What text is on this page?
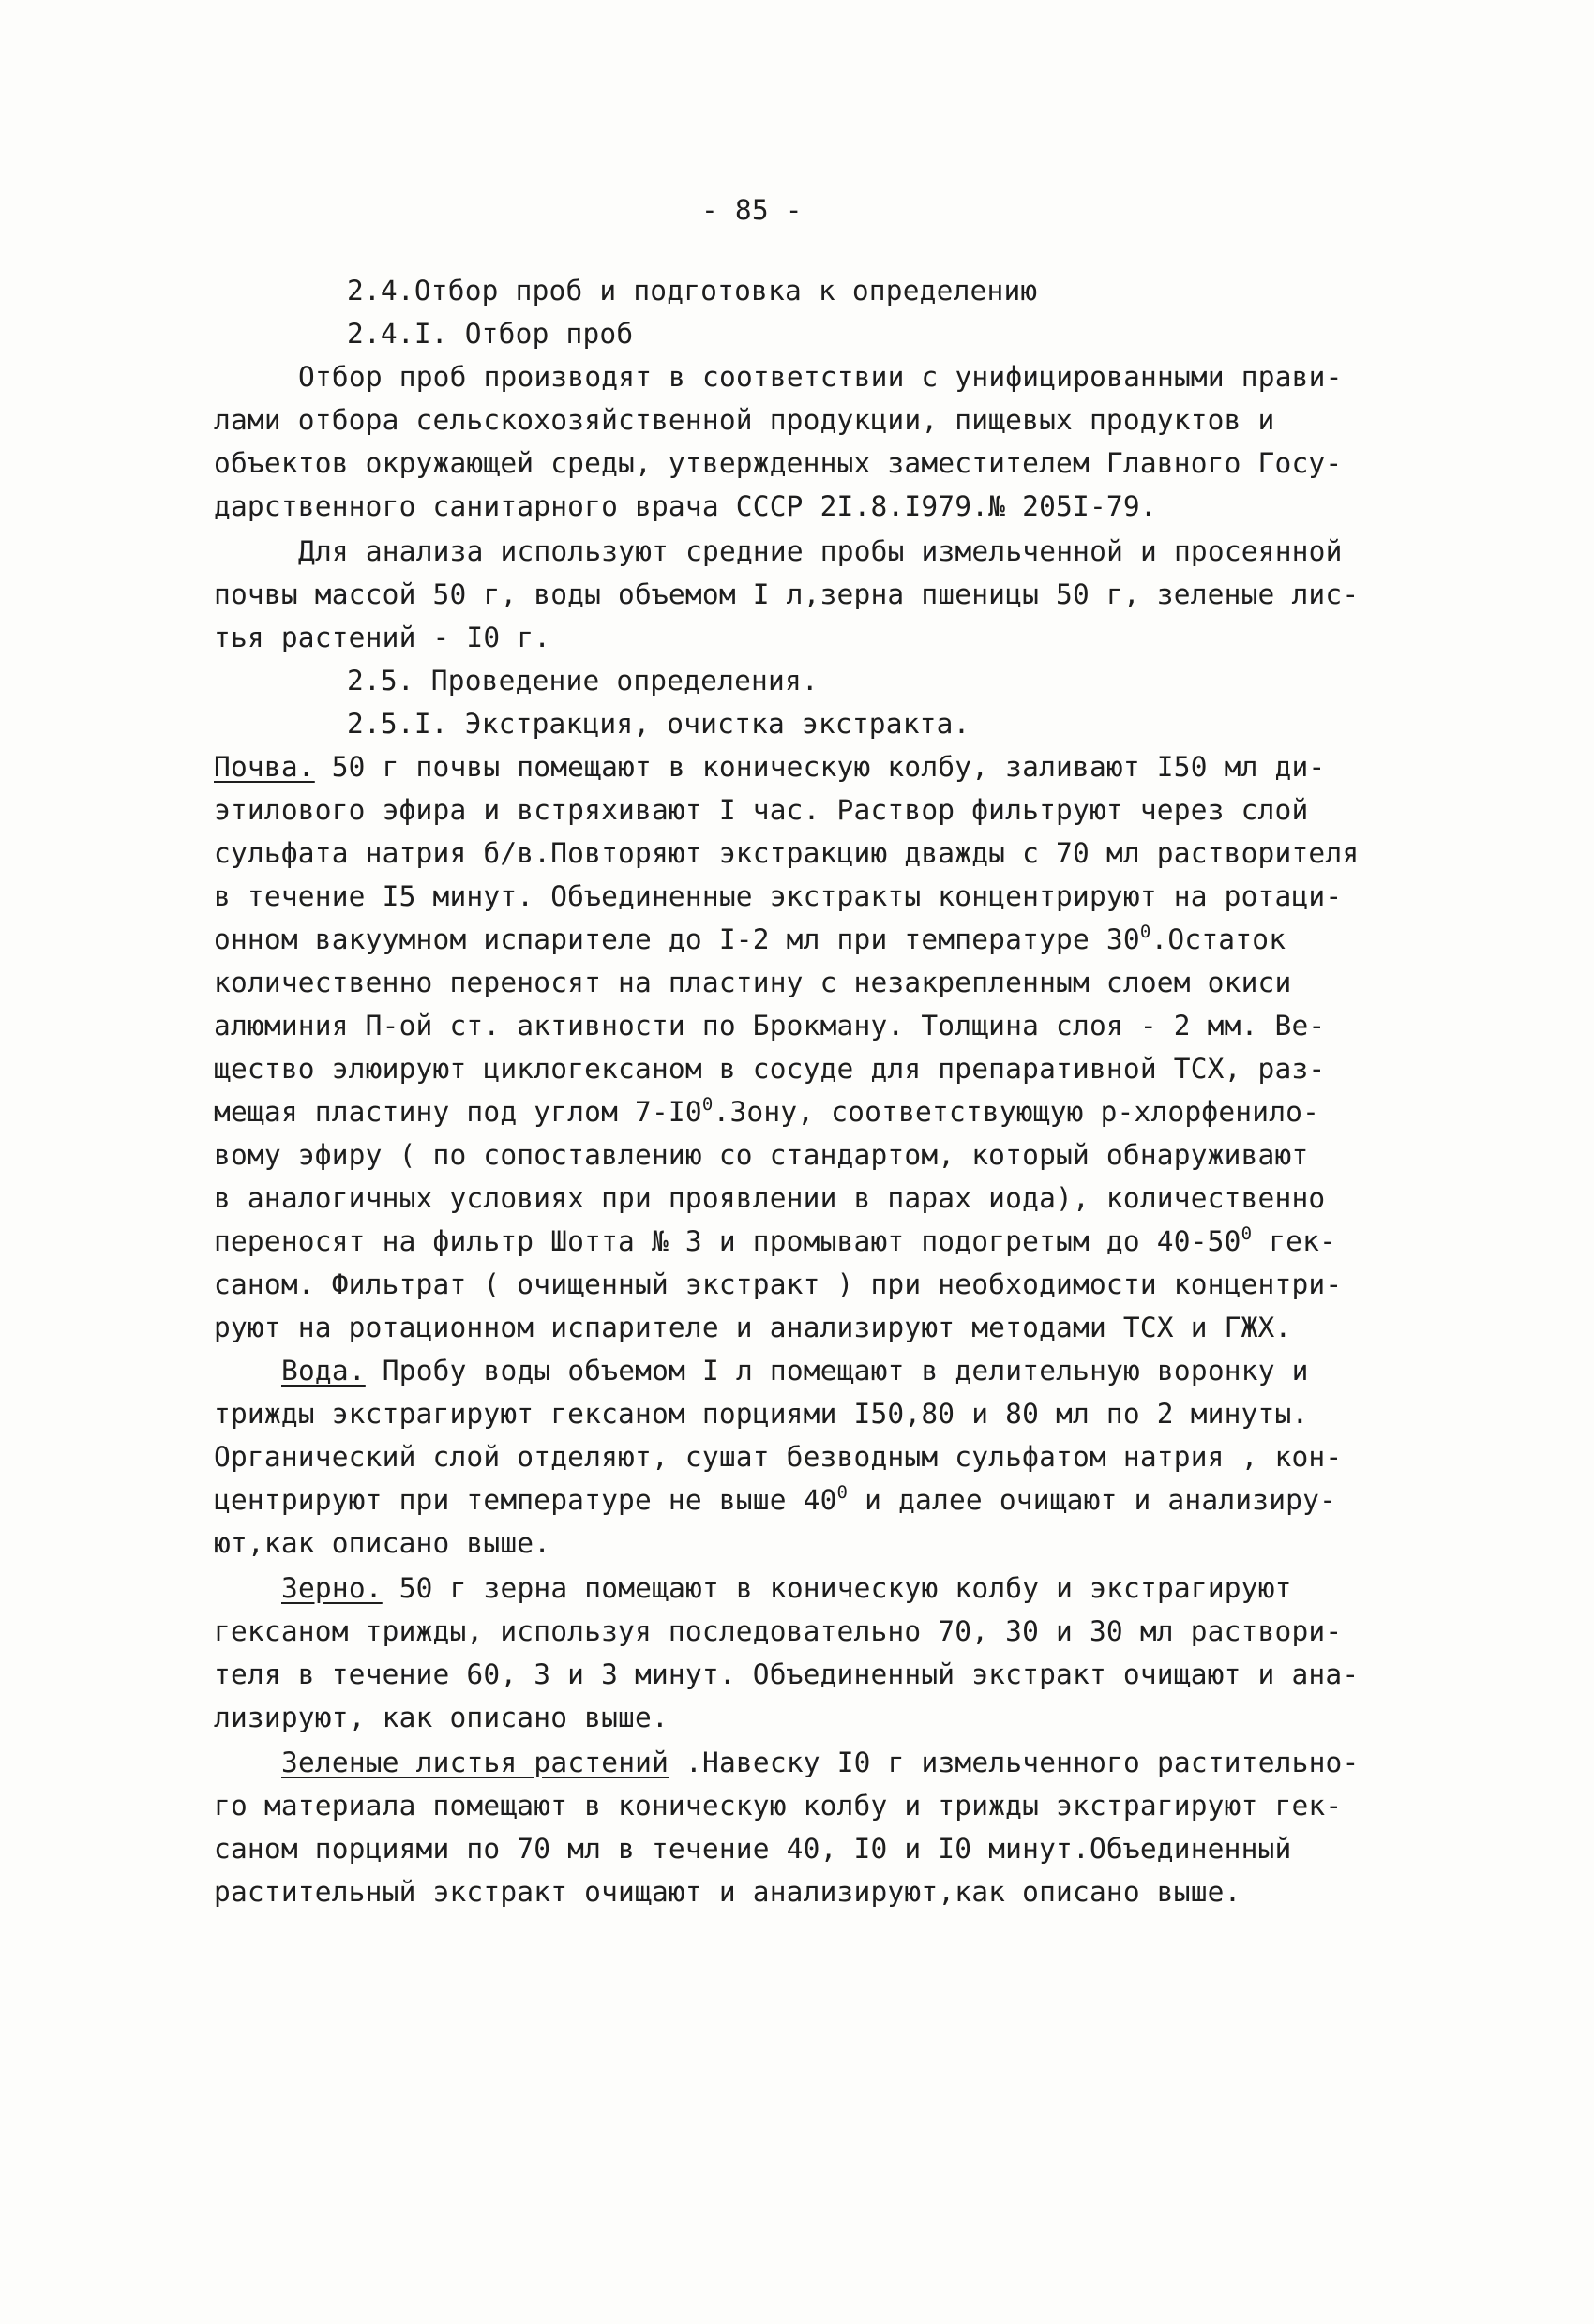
- 85 -
2.4.Отбор проб и подготовка к определению
2.4.I. Отбор проб
Отбор проб производят в соответствии с унифицированными прави-
лами отбора сельскохозяйственной продукции, пищевых продуктов и
объектов окружающей среды, утвержденных заместителем Главного Госу-
дарственного санитарного врача СССР 2I.8.I979.№ 205I-79.
Для анализа используют средние пробы измельченной и просеянной
почвы массой 50 г, воды объемом I л,зерна пшеницы 50 г, зеленые лис-
тья растений - I0 г.
2.5. Проведение определения.
2.5.I. Экстракция, очистка экстракта.
Почва. 50 г почвы помещают в коническую колбу, заливают I50 мл ди-
этилового эфира и встряхивают I час. Раствор фильтруют через слой
сульфата натрия б/в.Повторяют экстракцию дважды с 70 мл растворителя
в течение I5 минут. Объединенные экстракты концентрируют на ротаци-
онном вакуумном испарителе до I-2 мл при температуре $30^0.Остаток$
количественно переносят на пластину с незакрепленным слоем окиси
алюминия П-ой ст. активности по Брокману. Толщина слоя - 2 мм. Ве-
щество элюируют циклогексаном в сосуде для препаративной ТСХ, раз-
мещая пластину под углом $7-I0^0.Зону$, соответствующую р-хлорфенило-
вому эфиру ( по сопоставлению со стандартом, который обнаруживают
в аналогичных условиях при проявлении в парах иода), количественно
переносят на фильтр Шотта № 3 и промывают подогретым до $40-50^0$ гек-
саном. Фильтрат ( очищенный экстракт ) при необходимости концентри-
руют на ротационном испарителе и анализируют методами ТСХ и ГЖХ.
Вода. Пробу воды объемом I л помещают в делительную воронку и
трижды экстрагируют гексаном порциями I50,80 и 80 мл по 2 минуты.
Органический слой отделяют, сушат безводным сульфатом натрия , кон-
центрируют при температуре не выше $40^0$ и далее очищают и анализиру-
ют,как описано выше.
Зерно. 50 г зерна помещают в коническую колбу и экстрагируют
гексаном трижды, используя последовательно 70, 30 и 30 мл раствори-
теля в течение 60, 3 и 3 минут. Объединенный экстракт очищают и ана-
лизируют, как описано выше.
Зеленые листья растений .Навеску I0 г измельченного растительно-
го материала помещают в коническую колбу и трижды экстрагируют гек-
саном порциями по 70 мл в течение 40, I0 и I0 минут.Объединенный
растительный экстракт очищают и анализируют,как описано выше.
